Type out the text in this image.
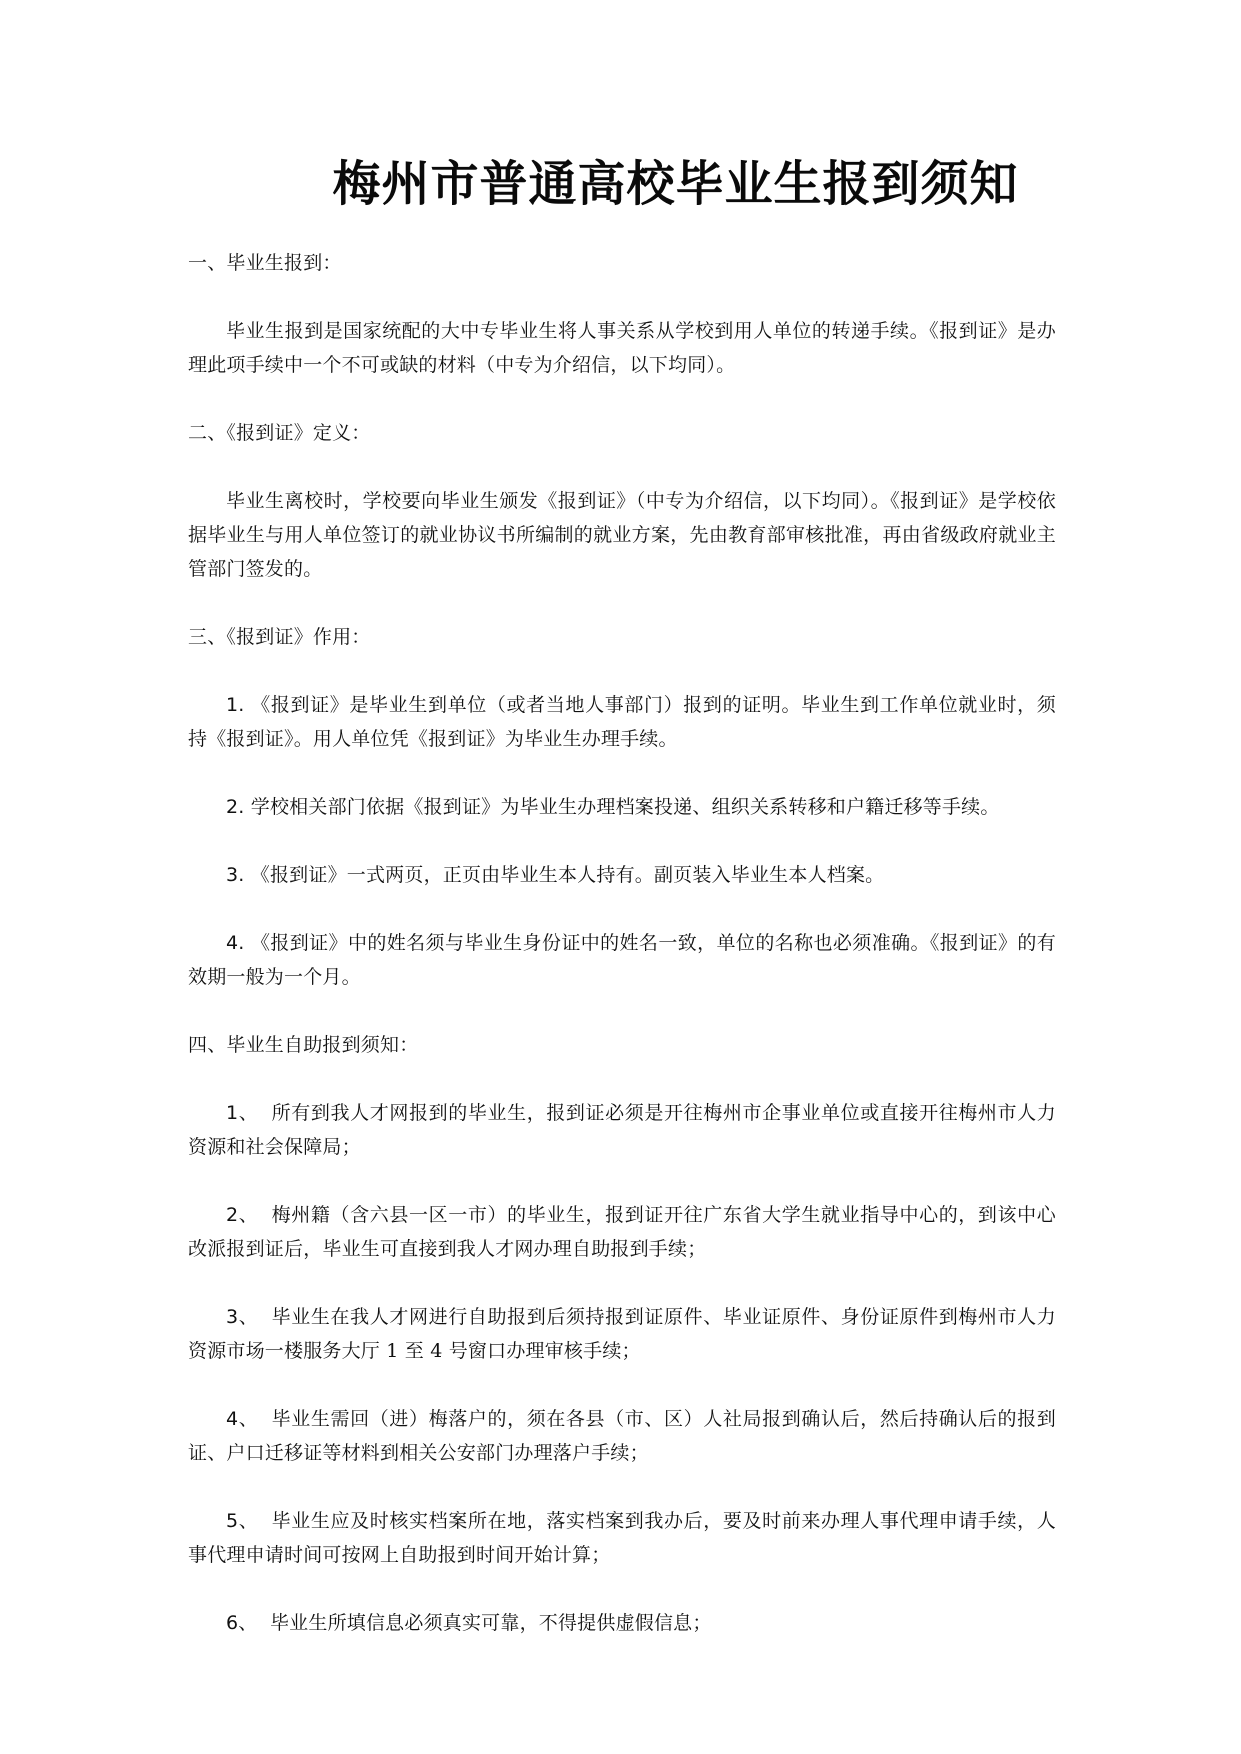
梅州市普通高校毕业生报到须知
一、毕业生报到：
毕业生报到是国家统配的大中专毕业生将人事关系从学校到用人单位的转递手续。《报到证》是办理此项手续中一个不可或缺的材料（中专为介绍信，以下均同）。
二、《报到证》定义：
毕业生离校时，学校要向毕业生颁发《报到证》（中专为介绍信，以下均同）。《报到证》是学校依据毕业生与用人单位签订的就业协议书所编制的就业方案，先由教育部审核批准，再由省级政府就业主管部门签发的。
三、《报到证》作用：
1. 《报到证》是毕业生到单位（或者当地人事部门）报到的证明。毕业生到工作单位就业时，须持《报到证》。用人单位凭《报到证》为毕业生办理手续。
2. 学校相关部门依据《报到证》为毕业生办理档案投递、组织关系转移和户籍迁移等手续。
3. 《报到证》一式两页，正页由毕业生本人持有。副页装入毕业生本人档案。
4. 《报到证》中的姓名须与毕业生身份证中的姓名一致，单位的名称也必须准确。《报到证》的有效期一般为一个月。
四、毕业生自助报到须知：
1、 所有到我人才网报到的毕业生，报到证必须是开往梅州市企事业单位或直接开往梅州市人力资源和社会保障局；
2、 梅州籍（含六县一区一市）的毕业生，报到证开往广东省大学生就业指导中心的，到该中心改派报到证后，毕业生可直接到我人才网办理自助报到手续；
3、 毕业生在我人才网进行自助报到后须持报到证原件、毕业证原件、身份证原件到梅州市人力资源市场一楼服务大厅 1 至 4 号窗口办理审核手续；
4、 毕业生需回（进）梅落户的，须在各县（市、区）人社局报到确认后，然后持确认后的报到证、户口迁移证等材料到相关公安部门办理落户手续；
5、 毕业生应及时核实档案所在地，落实档案到我办后，要及时前来办理人事代理申请手续，人事代理申请时间可按网上自助报到时间开始计算；
6、 毕业生所填信息必须真实可靠，不得提供虚假信息；
